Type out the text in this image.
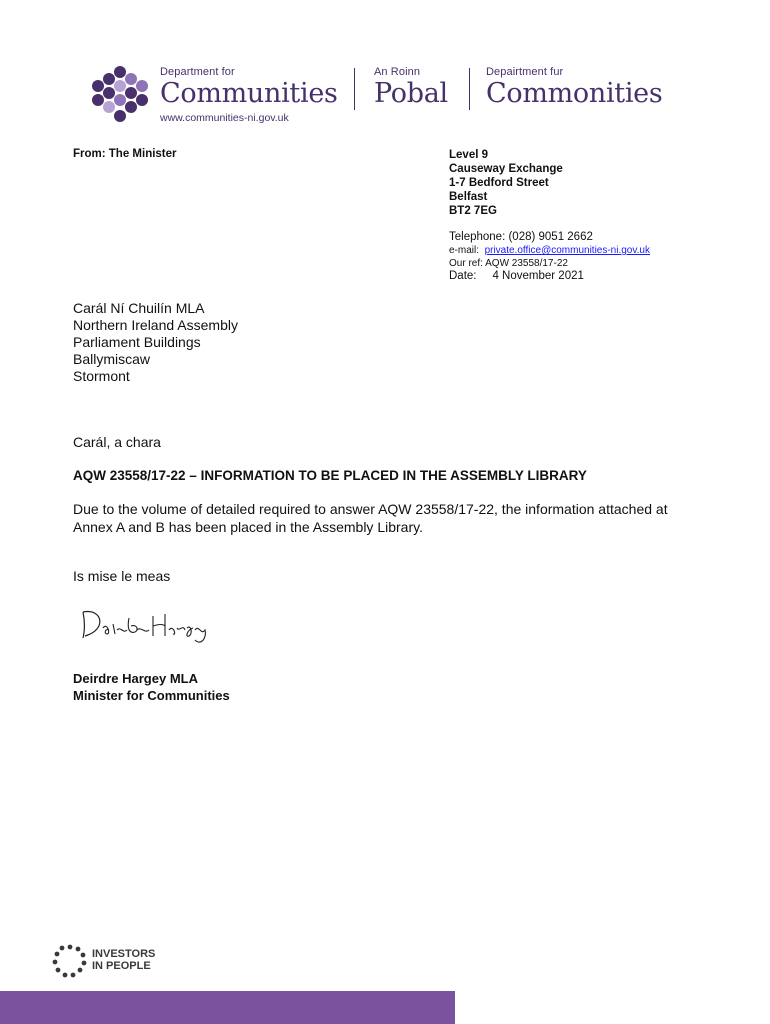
Department for
Communities
www.communities-ni.gov.uk
An Roinn
Pobal
Depairtment fur
Commonities
From: The Minister	Level 9
Causeway Exchange
1-7 Bedford Street
Belfast
BT2 7EG
Telephone: (028) 9051 2662
e-mail:  private.office@communities-ni.gov.uk
Our ref: AQW 23558/17-22
Date:     4 November 2021
Carál Ní Chuilín MLA
Northern Ireland Assembly
Parliament Buildings
Ballymiscaw
Stormont
Carál, a chara
AQW 23558/17-22 – INFORMATION TO BE PLACED IN THE ASSEMBLY LIBRARY
Due to the volume of detailed required to answer AQW 23558/17-22, the information attached at Annex A and B has been placed in the Assembly Library.
Is mise le meas
Deirdre Hargey MLA
Minister for Communities
INVESTORS
IN PEOPLE
